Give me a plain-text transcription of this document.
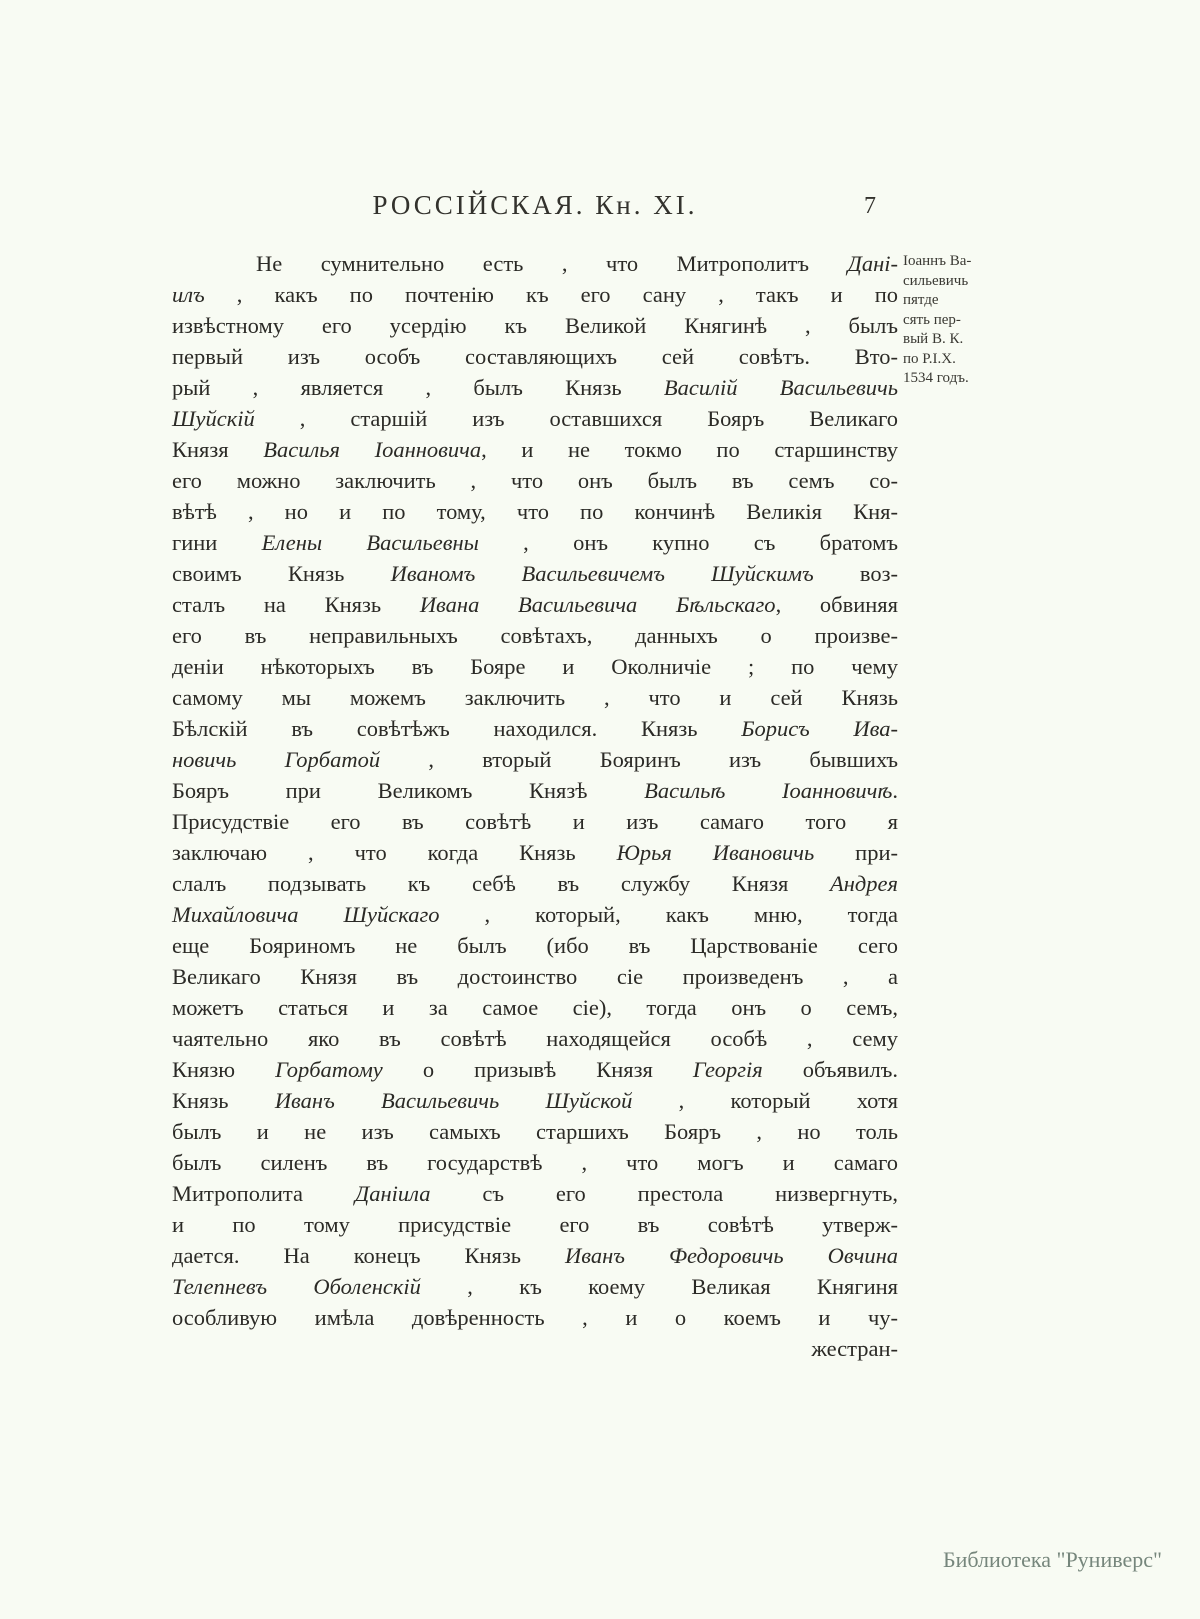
РОССІЙСКАЯ. Кн. XI.	7
Не сумнительно есть , что Митрополитъ Дані-
илъ , какъ по почтенію къ его сану , такъ и по
извѣстному его усердію къ Великой Княгинѣ , былъ
первый изъ особъ составляющихъ сей совѣтъ. Вто-
рый , является , былъ Князь Василій Васильевичь
Шуйскій , старшій изъ оставшихся Бояръ Великаго
Князя Василья Іоанновича, и не токмо по старшинству
его можно заключить , что онъ былъ въ семъ со-
вѣтѣ , но и по тому, что по кончинѣ Великія Кня-
гини Елены Васильевны , онъ купно съ братомъ
своимъ Князь Иваномъ Васильевичемъ Шуйскимъ воз-
сталъ на Князь Ивана Васильевича Бѣльскаго, обвиняя
его въ неправильныхъ совѣтахъ, данныхъ о произве-
деніи нѣкоторыхъ въ Бояре и Околничіе ; по чему
самому мы можемъ заключить , что и сей Князь
Бѣлскій въ совѣтѣжъ находился. Князь Борисъ Ива-
новичь Горбатой , вторый Бояринъ изъ бывшихъ
Бояръ при Великомъ Князѣ Васильѣ Іоанновичѣ.
Присудствіе его въ совѣтѣ и изъ самаго того я
заключаю , что когда Князь Юрья Ивановичь при-
слалъ подзывать къ себѣ въ службу Князя Андрея
Михайловича Шуйскаго , который, какъ мню, тогда
еще Бояриномъ не былъ (ибо въ Царствованіе сего
Великаго Князя въ достоинство сіе произведенъ , а
можетъ статься и за самое сіе), тогда онъ о семъ,
чаятельно яко въ совѣтѣ находящейся особѣ , сему
Князю Горбатому о призывѣ Князя Георгія объявилъ.
Князь Иванъ Васильевичь Шуйской , который хотя
былъ и не изъ самыхъ старшихъ Бояръ , но толь
былъ силенъ въ государствѣ , что могъ и самаго
Митрополита Даніила съ его престола низвергнуть,
и по тому присудствіе его въ совѣтѣ утверж-
дается. На конецъ Князь Иванъ Федоровичь Овчина
Телепневъ Оболенскій , къ коему Великая Княгиня
особливую имѣла довѣренность , и о коемъ и чу-
жестран-
Іоаннъ Ва-
сильевичь
пятде
сять пер-
вый В. К.
по Р.І.Х.
1534 годъ.
Библиотека "Руниверс"
